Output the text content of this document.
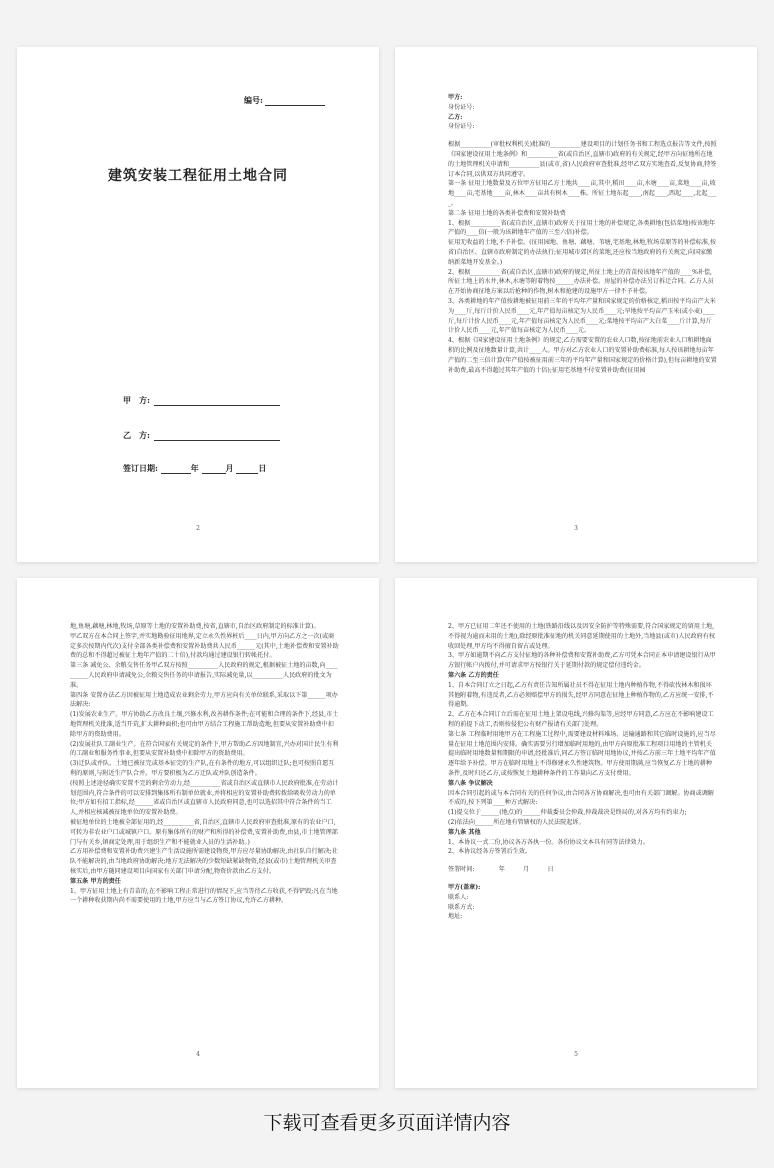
编号:
建筑安装工程征用土地合同
甲　方:
乙　方:
签订日期:	年	月	日
2

甲方:

身份证号:

乙方:

身份证号:

根据__________(审批权利机关)批准的__________建设项目的计划任务书和工程选点报告等文件,按照《国家建设征用土地条例》和__________省(或自治区,直辖市)政府的有关规定,经甲方向征地所在地的土地管理机关申请和__________县(或市,省)人民政府审查批准,经甲乙双方实地查看,反复协商,特签订本合同,以供双方共同遵守。

第一条 征用土地数量及方位甲方征用乙方土地共____亩,其中,稻田____亩,水塘____亩,菜地____亩,坡地____亩,宅基地____亩,林木____亩共有树木____株。所征土地东起____,南起____,西起____,北起____。

第二条 征用土地的各类补偿费和安置补助费

1、根据__________省(或自治区,直辖市)政府关于征用土地的补偿规定,各类耕地(包括菜地)按该地年产值的____倍(一般为该耕地年产值的三至六倍)补偿。

征用无收益的土地,不予补偿。(征用园地、鱼塘、藕塘、苇塘,宅基地,林地,牧场草原等的补偿标准,按省)自治区、直辖市政府制定的办法执行;征用城市郊区的菜地,还应按当地政府的有关规定,向国家缴纳新菜地开发基金。)

2、根据__________省(或自治区,直辖市)政府的规定,所征土地上的青苗按该地年产值的____%补偿,所征土地上的水井,林木,水塘等附着物按______办法补偿。房屋的补偿办法另订拆迁合同。乙方人员在开始协商征地方案以后抢种的作物,树木和抢建的设施甲方一律不予补偿。

3、各类耕地的年产值按耕地被征用前三年的平均年产量和国家规定的价格核定,稻田按平均亩产大米为____斤,每斤计价人民币____元,年产值每亩核定为人民币____元;旱地按平均亩产玉米(或小麦)____斤,每斤计价人民币____元,年产值每亩核定为人民币____元;菜地按平均亩产大白菜____斤计算,每斤计价人民币____元,年产值每亩核定为人民币____元。

4、根据《国家建设征用土地条例》的规定,乙方需要安置的农业人口数,按征地前农业人口和耕地面积的比例及征地数量计算,共计____人。甲方对乙方农业人口的安置补助费标准,每人按该耕地每亩年产值的二至三倍计算(年产值按被征用前三年的平均年产量和国家规定的价格计算),但每亩耕地的安置补助费,最高不得超过其年产值的十倍);征用宅基地不付安置补助费(征用园

3

地,鱼塘,藕塘,林地,牧场,草原等土地的安置补助费,按省,直辖市,自治区政府制定的标准计算)。

甲乙双方在本合同上签字,并实地勘验征用地界,定立永久性界桩后____日内,甲方向乙方之一次(或商定多次按期内代次)支付全部各类补偿费和安置补助费共人民币______元(其中,土地补偿费和安置补助费的总和不得超过被征土地年产值的二十倍),付款均通过建设银行转帐托付。

第三条 减免公、余粮交售任务甲乙双方按照__________人民政府的规定,根据被征土地的亩数,向__________人民政府申请减免公,余粮交售任务的申请报告,实际减免量,以__________人民政府的批文为准。

第四条 安置办法乙方因被征用土地造成农业剩余劳力,甲方应向有关单位联系,采取以下第______项办法解决:

(1)发展农业生产。甲方协助乙方改良土壤,兴修水利,改善耕作条件;在可能和合理的条件下,经县,市土地管理机关批准,适当开荒,扩大耕种面积;也可由甲方结合工程施工帮助造地,但要从安置补助费中扣除甲方的资助费用。

(2)发展社队工副业生产。在符合国家有关规定的条件下,甲方帮助乙方因地制宜,兴办对国计民生有利的工副业和服务性事业,但要从安置补助费中扣除甲方的资助费用。

(3)迁队或并队。土地已被征完或基本征完的生产队,在有条件的地方,可以组织迁队;也可按照自愿互利的原则,与附近生产队合并。甲方要积极为乙方迁队或并队创造条件。

(按照上述途径确实安置不完的剩余劳动力,经__________省或自治区或直辖市人民政府批准,在劳动计划范围内,符合条件的可以安排到集体所有制单位就业,并将相应的安置补助费转拨给吸收劳动力的单位;甲方如有招工指标,经______省或自治区或直辖市人民政府同意,也可以选招其中符合条件的当工人,并相应核减被征地单位的安置补助费。

被征地单位的土地被全部征用的,经__________省,自治区,直辖市人民政府审查批准,原有的农业户口,可转为非农业户口或城镇户口。原有集体所有的财产和所得的补偿费,安置补助费,由县,市土地管理部门与有关乡,镇商定处理,用于组织生产和不能就业人员的生活补助。)

乙方用补偿费和安置补助费兴建生产生活设施所需建设物资,甲方应尽量协助解决,由社队自行解决;社队不能解决的,由当地政府协助解决;地方无法解决的少数短缺紧缺物资,经县(或市)土地管理机关审查核实后,由甲方随同建设项目向国家有关部门申请分配,物资价款由乙方支付。

第五条 甲方的责任

1、甲方征用土地上有青苗的,在不影响工程正常进行的情况下,应当等待乙方收获,不得铲毁;凡在当地一个耕种收获期内尚不需要使用的土地,甲方应当与乙方签订协议,允许乙方耕种。

4

2、甲方已征用二年还不使用的土地(铁路沿线以及因安全防护等特殊需要,符合国家规定的留用土地,不得视为逾而未用的土地),除经原批准征地的机关同意延期使用的土地外,当地县(或市)人民政府有权收回处理,甲方均不得擅自留占或处理。

3、甲方如逾期不向乙方支付征地的各种补偿费和安置补助费,乙方可凭本合同正本申请建设银行从甲方银行帐户内拨付,并可请求甲方按银行关于延期付款的规定偿付违约金。

第六条 乙方的责任

1、自本合同订立之日起,乙方有责任告知所属社员不得在征用土地内种植作物,不得砍伐林木和损坏其他附着物,有违反者,乙方必须赔偿甲方的损失,经甲方同意在征地上种植作物的,乙方应统一安排,不得逾期。

2、乙方在本合同订立后需在征用土地上架设电线,兴修沟渠等,应经甲方同意,乙方应在不影响建设工程的前提下动工,否则按侵犯公有财产报请有关部门处理。

第七条 工程临时用地甲方在工程施工过程中,需要建设材料堆场、运输通路和其它临时设施的,应当尽量在征用土地范围内安排。确实需要另行增加临时用地的,由甲方向原批准工程项目用地的主管机关提出临时用地数量和期限的申请,经批准后,同乙方签订临时用地协议,并按乙方前三年土地平均年产值逐年给予补偿。甲方在临时用地上不得修建永久性建筑物。甲方使用期满,应当恢复乙方土地的耕种条件,及时归还乙方,或按恢复土地耕种条件的工作量向乙方支付费用。

第八条 争议解决

因本合同引起的或与本合同有关的任何争议,由合同各方协商解决,也可由有关部门调解。协商或调解不成的,按下列第____种方式解决:

(1)提交位于______(地点)的______仲裁委员会仲裁,仲裁裁决是终局的,对各方均有约束力;

(2)依法向______所在地有管辖权的人民法院起诉。

第九条 其他

1、本协议一式二份,协议各方各执一份。各份协议文本具有同等法律效力。

2、本协议经各方签署后生效。

签署时间:　　　　年　　　月　　　日

甲方(盖章):

联系人:

联系方式:

地址:

5
下载可查看更多页面详情内容
